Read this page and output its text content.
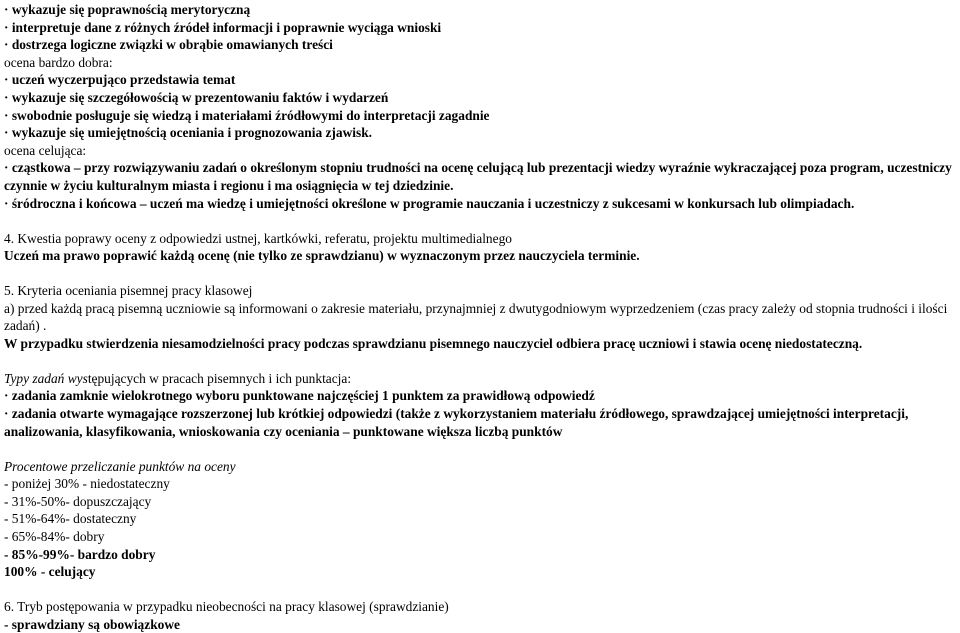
· wykazuje się poprawnością merytoryczną
· interpretuje dane z różnych źródeł informacji i poprawnie wyciąga wnioski
· dostrzega logiczne związki w obrąbie omawianych treści
ocena bardzo dobra:
· uczeń wyczerpująco przedstawia temat
· wykazuje się szczegółowością w prezentowaniu faktów i wydarzeń
· swobodnie posługuje się wiedzą i materiałami źródłowymi do interpretacji zagadnie
· wykazuje się umiejętnością oceniania i prognozowania zjawisk.
ocena celująca:
· cząstkowa – przy rozwiązywaniu zadań o określonym stopniu trudności na ocenę celującą lub prezentacji wiedzy wyraźnie wykraczającej poza program, uczestniczy czynnie w życiu kulturalnym miasta i regionu i ma osiągnięcia w tej dziedzinie.
· śródroczna i końcowa – uczeń ma wiedzę i umiejętności określone w programie nauczania i uczestniczy z sukcesami w konkursach lub olimpiadach.
4. Kwestia poprawy oceny z odpowiedzi ustnej, kartkówki, referatu, projektu multimedialnego
Uczeń ma prawo poprawić każdą ocenę (nie tylko ze sprawdzianu) w wyznaczonym przez nauczyciela terminie.
5. Kryteria oceniania pisemnej pracy klasowej
a) przed każdą pracą pisemną uczniowie są informowani o zakresie materiału, przynajmniej z dwutygodniowym wyprzedzeniem (czas pracy zależy od stopnia trudności i ilości zadań) .
W przypadku stwierdzenia niesamodzielności pracy podczas sprawdzianu pisemnego nauczyciel odbiera pracę uczniowi i stawia ocenę niedostateczną.
Typy zadań występujących w pracach pisemnych i ich punktacja:
· zadania zamknie wielokrotnego wyboru punktowane najczęściej 1 punktem za prawidłową odpowiedź
· zadania otwarte wymagające rozszerzonej lub krótkiej odpowiedzi (także z wykorzystaniem materiału źródłowego, sprawdzającej umiejętności interpretacji, analizowania, klasyfikowania, wnioskowania czy oceniania – punktowane większa liczbą punktów
Procentowe przeliczanie punktów na oceny
- poniżej 30% - niedostateczny
- 31%-50%- dopuszczający
- 51%-64%- dostateczny
- 65%-84%- dobry
- 85%-99%- bardzo dobry
100% - celujący
6. Tryb postępowania w przypadku nieobecności na pracy klasowej (sprawdzianie)
- sprawdziany są obowiązkowe
